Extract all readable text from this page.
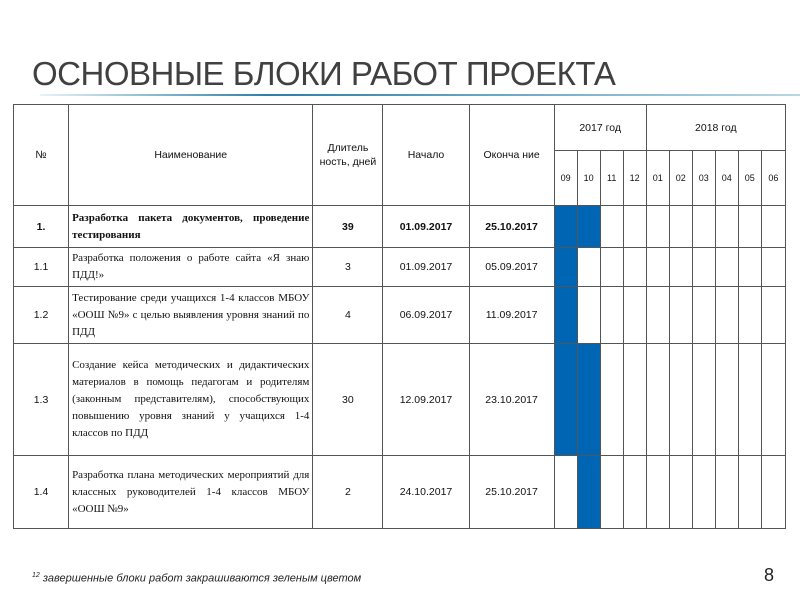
ОСНОВНЫЕ БЛОКИ РАБОТ ПРОЕКТА
№	Наименование	Длитель ность, дней	Начало	Оконча ние	2017 год				2018 год					
					09	10	11	12	01	02	03	04	05	06
1.	Разработка пакета документов, проведение тестирования	39	01.09.2017	25.10.2017										
1.1	Разработка положения о работе сайта «Я знаю ПДД!»	3	01.09.2017	05.09.2017										
1.2	Тестирование среди учащихся 1-4 классов МБОУ «ООШ №9» с целью выявления уровня знаний по ПДД	4	06.09.2017	11.09.2017										
1.3	Создание кейса методических и дидактических материалов в помощь педагогам и родителям (законным представителям), способствующих повышению уровня знаний у учащихся 1-4 классов по ПДД	30	12.09.2017	23.10.2017										
1.4	Разработка плана методических мероприятий для классных руководителей 1-4 классов МБОУ «ООШ №9»	2	24.10.2017	25.10.2017										
$^{12}$ завершенные блоки работ закрашиваются зеленым цветом	8
